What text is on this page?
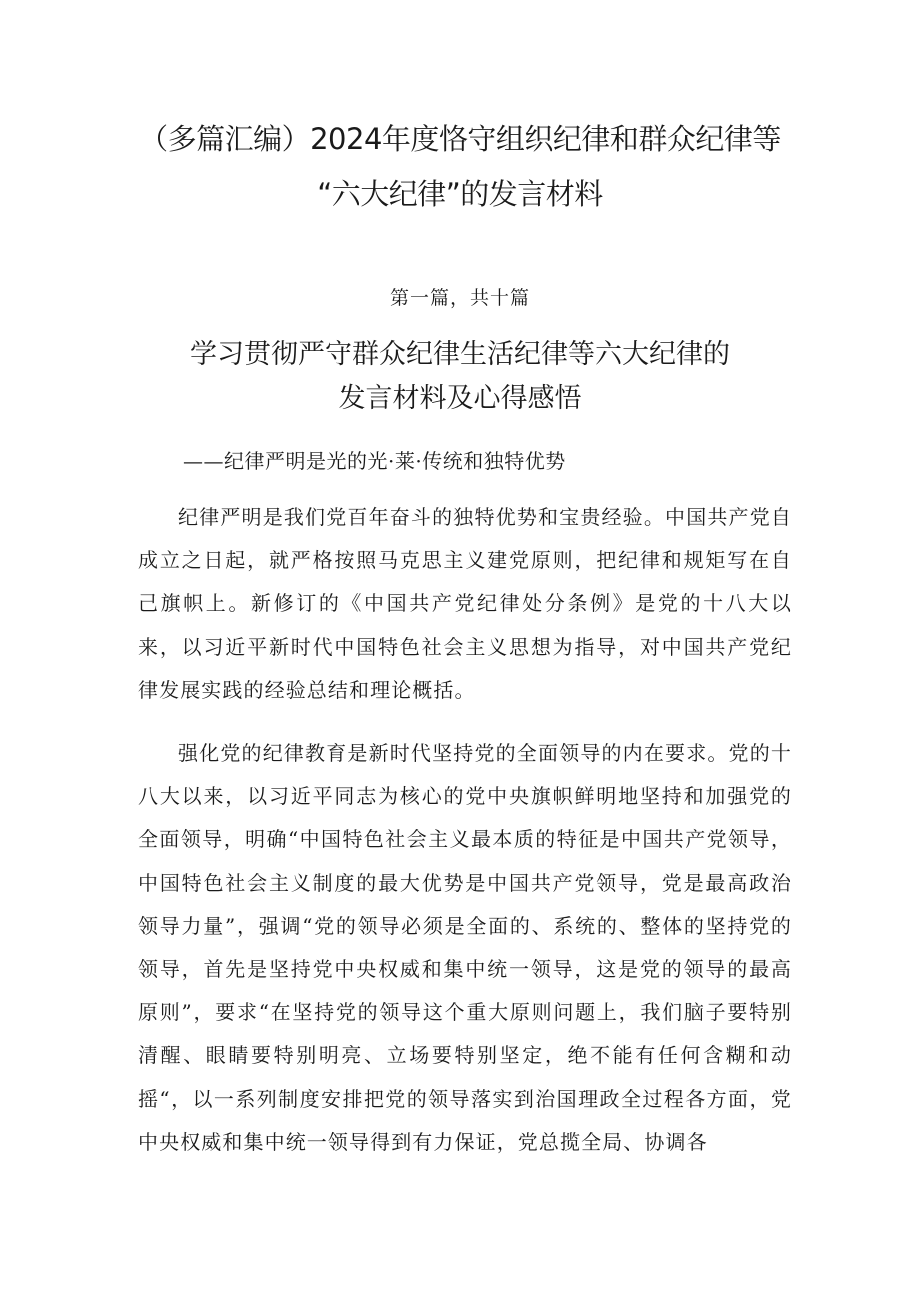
（多篇汇编）2024年度恪守组织纪律和群众纪律等
“六大纪律”的发言材料

第一篇，共十篇

学习贯彻严守群众纪律生活纪律等六大纪律的
发言材料及心得感悟

——纪律严明是光的光·莱·传统和独特优势

纪律严明是我们党百年奋斗的独特优势和宝贵经验。中国共产党自成立之日起，就严格按照马克思主义建党原则，把纪律和规矩写在自己旗帜上。新修订的《中国共产党纪律处分条例》是党的十八大以来，以习近平新时代中国特色社会主义思想为指导，对中国共产党纪律发展实践的经验总结和理论概括。

强化党的纪律教育是新时代坚持党的全面领导的内在要求。党的十八大以来，以习近平同志为核心的党中央旗帜鲜明地坚持和加强党的全面领导，明确“中国特色社会主义最本质的特征是中国共产党领导，中国特色社会主义制度的最大优势是中国共产党领导，党是最高政治领导力量”，强调“党的领导必须是全面的、系统的、整体的坚持党的领导，首先是坚持党中央权威和集中统一领导，这是党的领导的最高原则”，要求“在坚持党的领导这个重大原则问题上，我们脑子要特别清醒、眼睛要特别明亮、立场要特别坚定，绝不能有任何含糊和动摇“，以一系列制度安排把党的领导落实到治国理政全过程各方面，党中央权威和集中统一领导得到有力保证，党总揽全局、协调各
